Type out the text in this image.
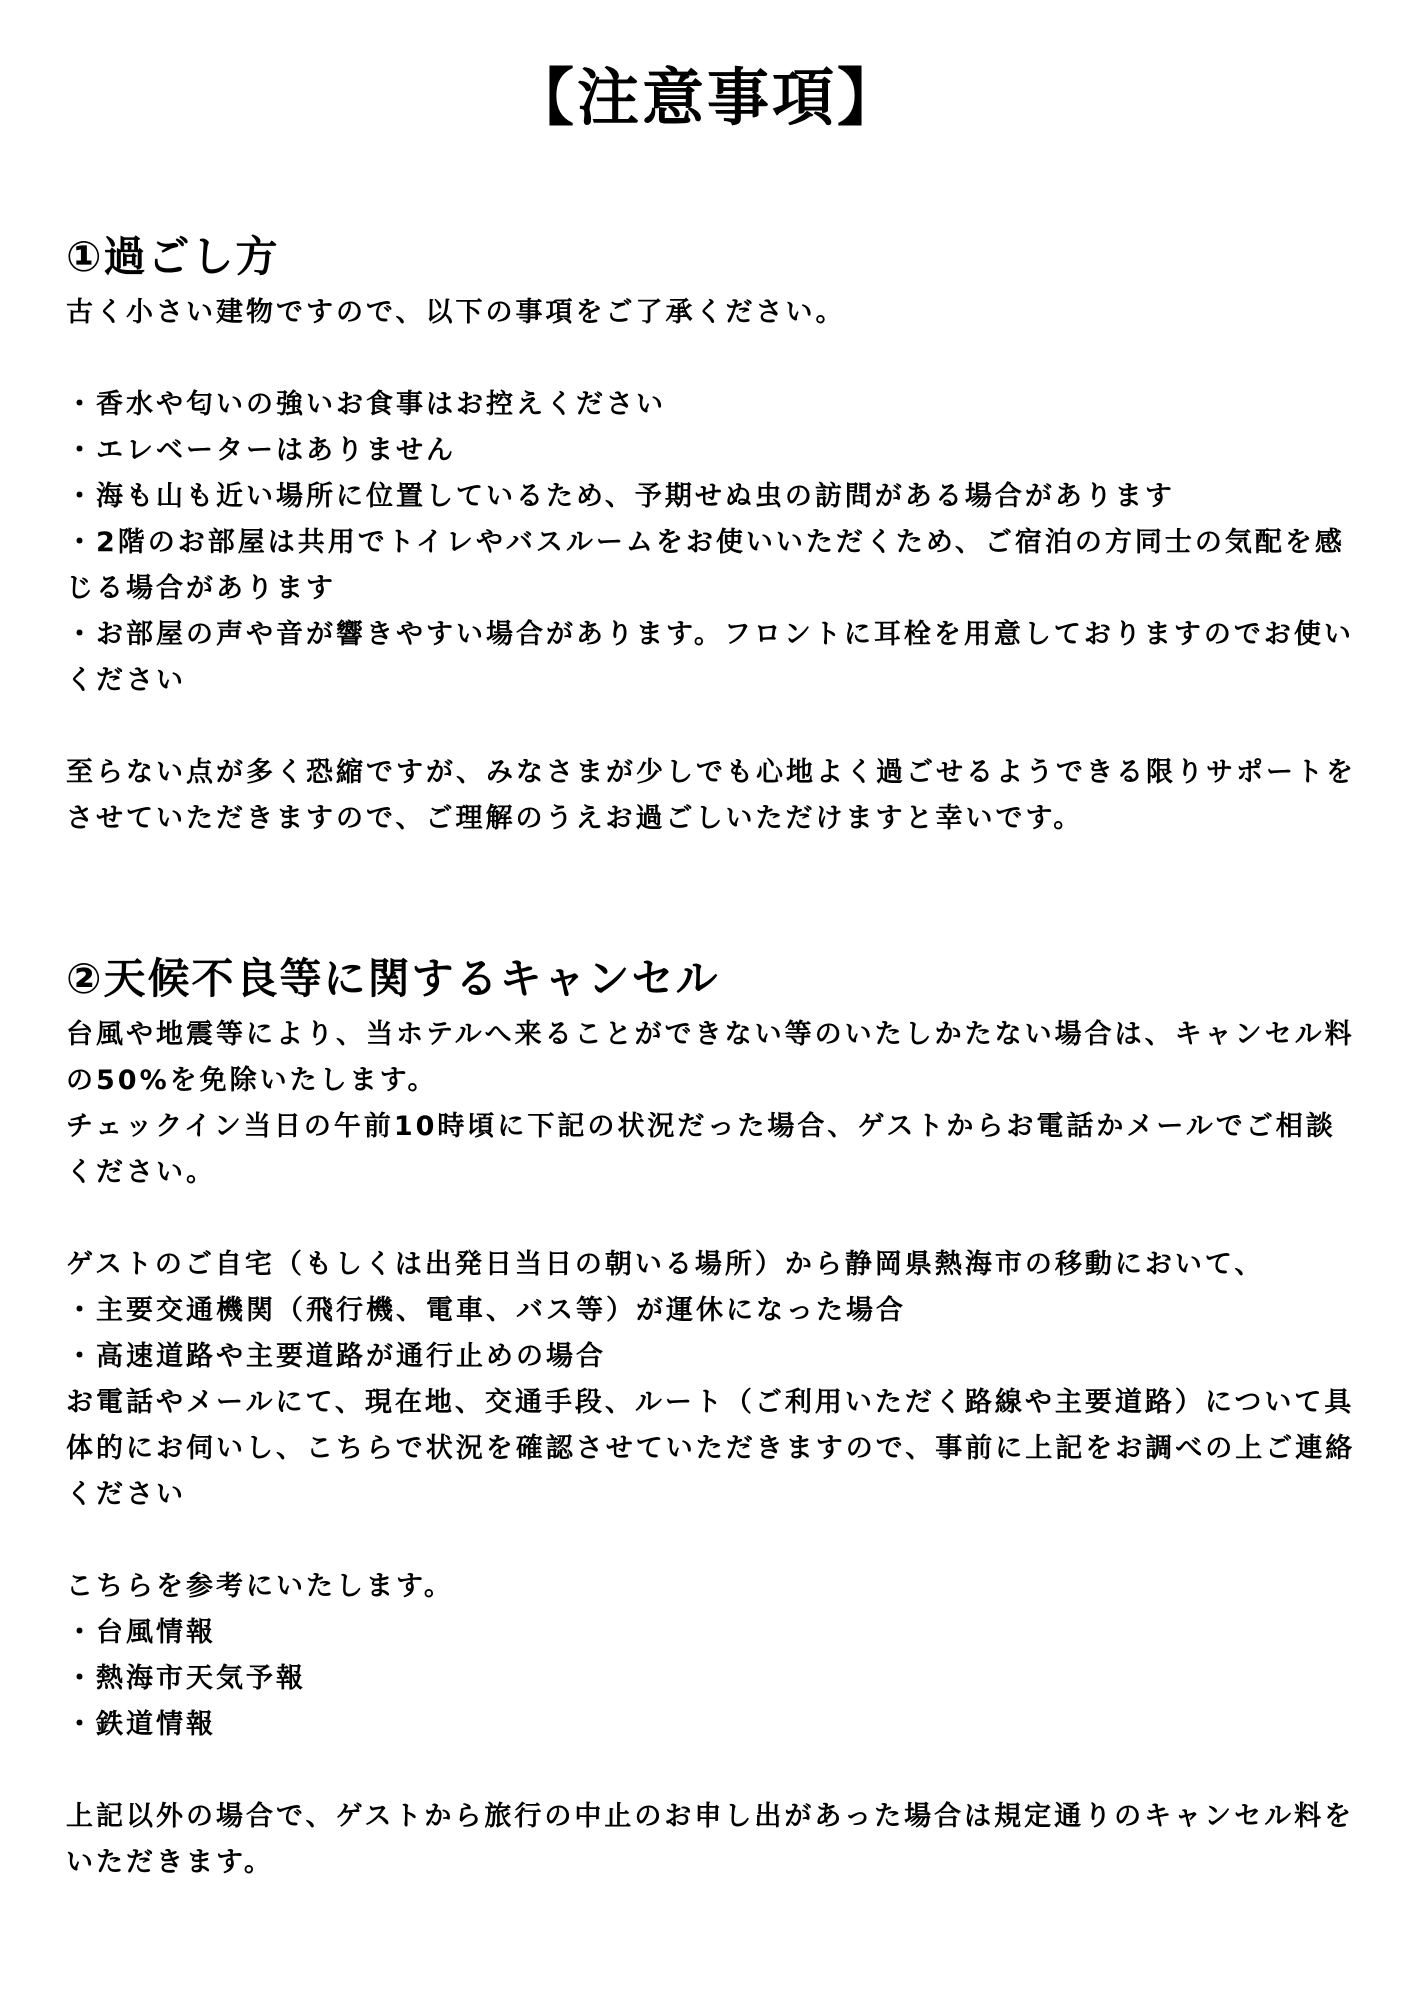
【注意事項】
①過ごし方

古く小さい建物ですので、以下の事項をご了承ください。

・香水や匂いの強いお食事はお控えください
・エレベーターはありません
・海も山も近い場所に位置しているため、予期せぬ虫の訪問がある場合があります
・2階のお部屋は共用でトイレやバスルームをお使いいただくため、ご宿泊の方同士の気配を感じる場合があります
・お部屋の声や音が響きやすい場合があります。フロントに耳栓を用意しておりますのでお使いください

至らない点が多く恐縮ですが、みなさまが少しでも心地よく過ごせるようできる限りサポートをさせていただきますので、ご理解のうえお過ごしいただけますと幸いです。

②天候不良等に関するキャンセル

台風や地震等により、当ホテルへ来ることができない等のいたしかたない場合は、キャンセル料の50%を免除いたします。

チェックイン当日の午前10時頃に下記の状況だった場合、ゲストからお電話かメールでご相談ください。

ゲストのご自宅（もしくは出発日当日の朝いる場所）から静岡県熱海市の移動において、

・主要交通機関（飛行機、電車、バス等）が運休になった場合
・高速道路や主要道路が通行止めの場合

お電話やメールにて、現在地、交通手段、ルート（ご利用いただく路線や主要道路）について具体的にお伺いし、こちらで状況を確認させていただきますので、事前に上記をお調べの上ご連絡ください

こちらを参考にいたします。

・台風情報
・熱海市天気予報
・鉄道情報

上記以外の場合で、ゲストから旅行の中止のお申し出があった場合は規定通りのキャンセル料をいただきます。
